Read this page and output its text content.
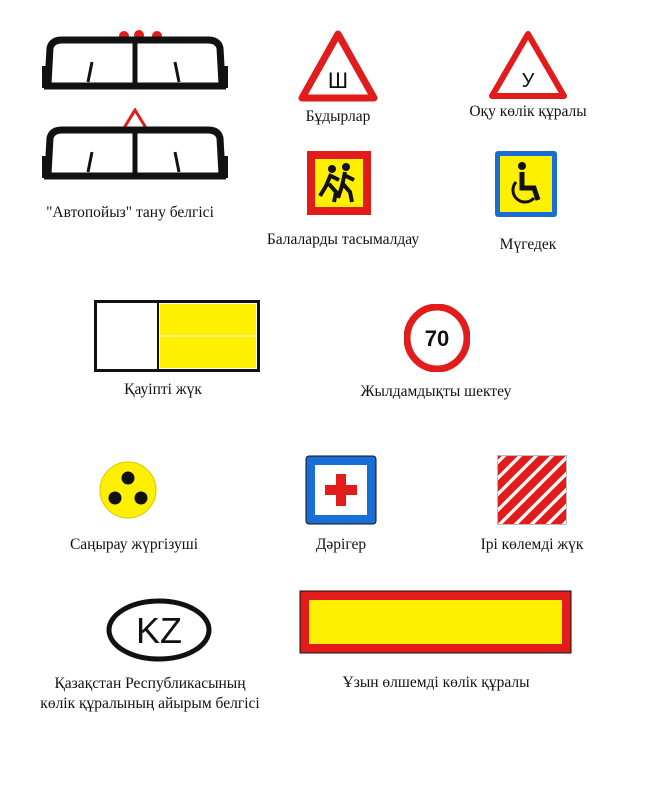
"Автопойыз" тану белгісі
Ш
Бұдырлар
У
Оқу көлік құралы
Балаларды тасымалдау	Мүгедек
Қауіпті жүк
70
Жылдамдықты шектеу
Саңырау жүргізуші	Дәрігер	Ірі көлемді жүк
KZ
Қазақстан Республикасының
көлік құралының айырым белгісі
Ұзын өлшемді көлік құралы
